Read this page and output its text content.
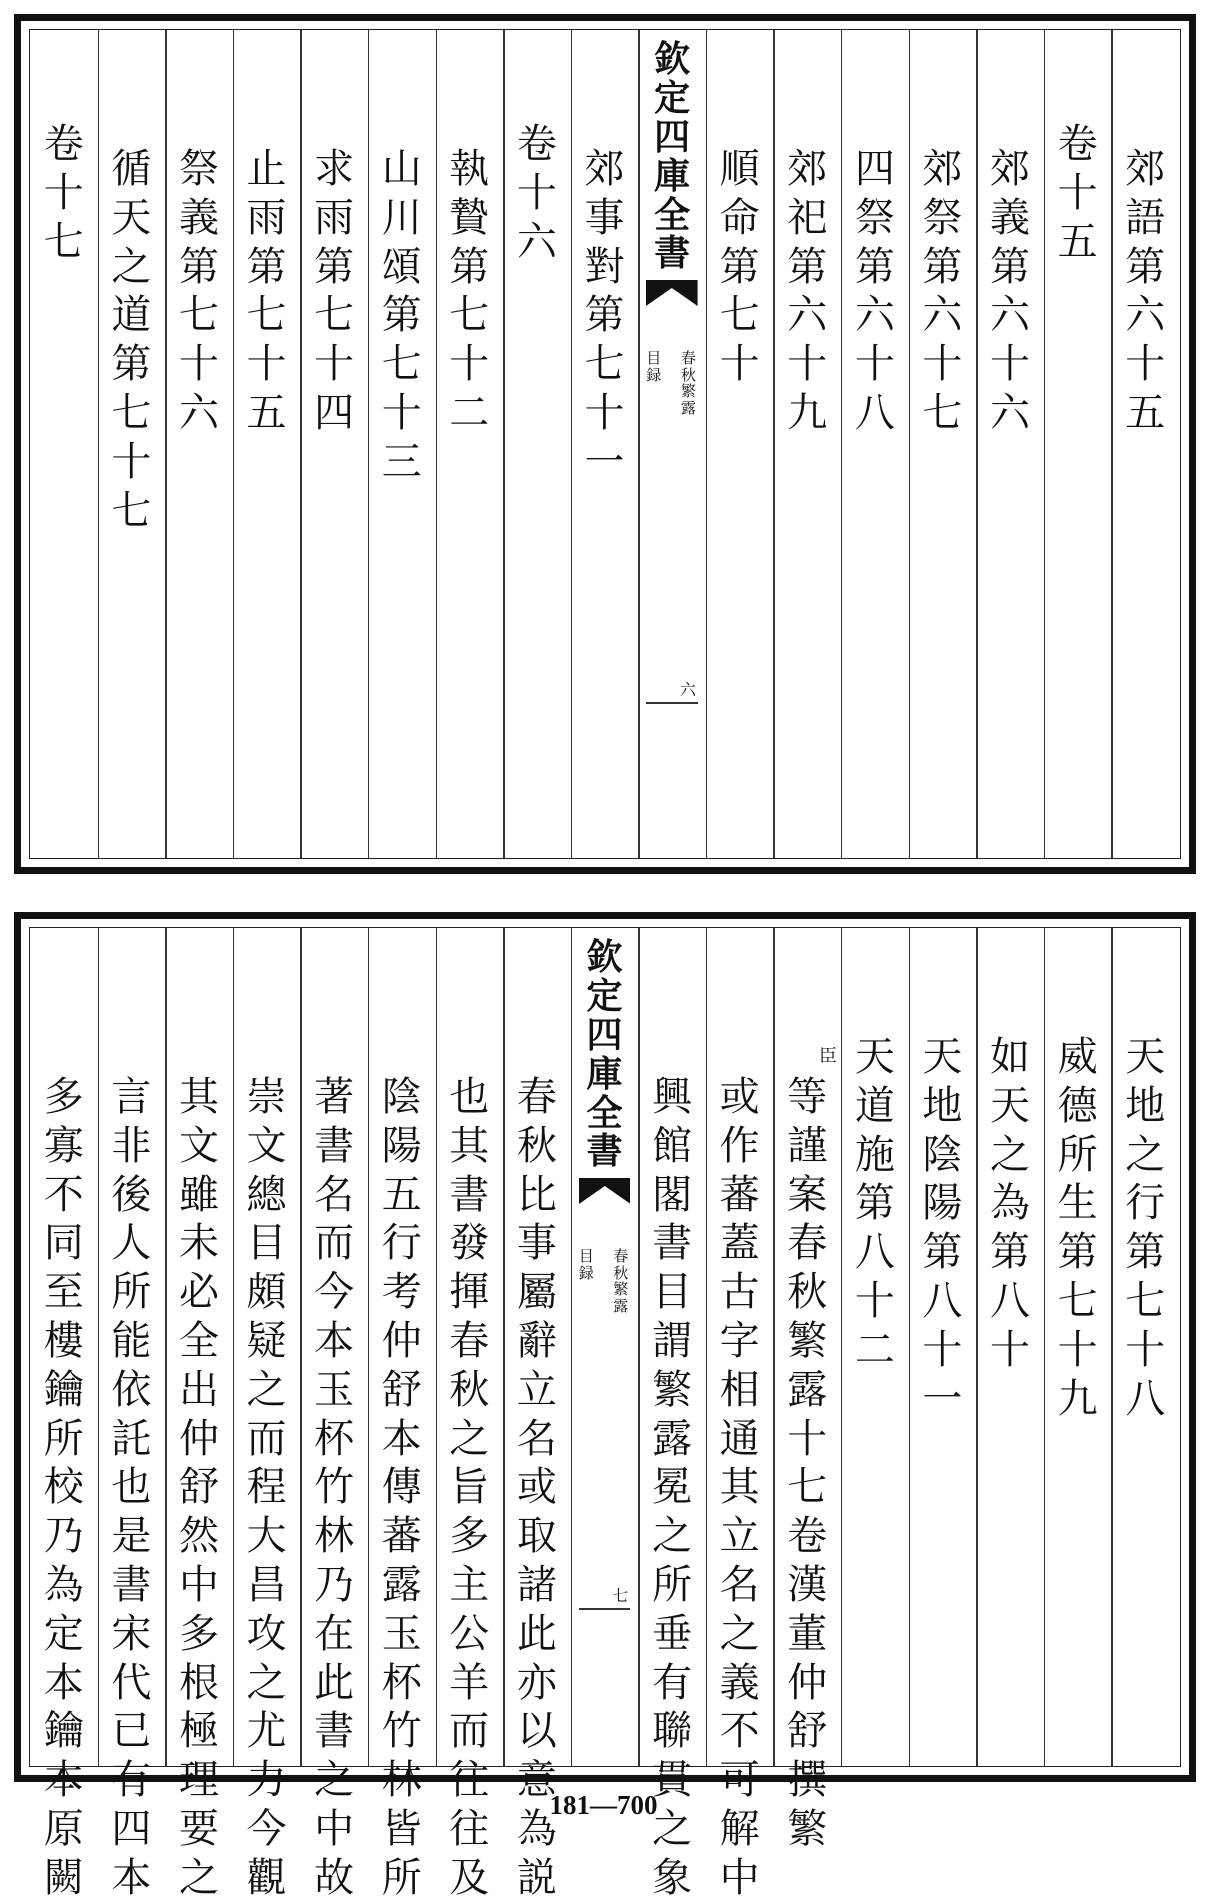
郊
語
第
六
十
五
卷
十
五
郊
義
第
六
十
六
郊
祭
第
六
十
七
四
祭
第
六
十
八
郊
祀
第
六
十
九
順
命
第
七
十
郊
事
對
第
七
十
一
卷
十
六
執
贄
第
七
十
二
山
川
頌
第
七
十
三
求
雨
第
七
十
四
止
雨
第
七
十
五
祭
義
第
七
十
六
循
天
之
道
第
七
十
七
卷
十
七
欽
定
四
庫
全
書
春
秋
繁
露
目
録
六
天
地
之
行
第
七
十
八
威
德
所
生
第
七
十
九
如
天
之
為
第
八
十
天
地
陰
陽
第
八
十
一
天
道
施
第
八
十
二
等
謹
案
春
秋
繁
露
十
七
卷
漢
董
仲
舒
撰
繁
臣
或
作
蕃
蓋
古
字
相
通
其
立
名
之
義
不
可
解
中
興
館
閣
書
目
謂
繁
露
冕
之
所
垂
有
聯
貫
之
象
春
秋
比
事
屬
辭
立
名
或
取
諸
此
亦
以
意
為
説
也
其
書
發
揮
春
秋
之
旨
多
主
公
羊
而
往
往
及
陰
陽
五
行
考
仲
舒
本
傳
蕃
露
玉
杯
竹
林
皆
所
著
書
名
而
今
本
玉
杯
竹
林
乃
在
此
書
之
中
故
崇
文
總
目
頗
疑
之
而
程
大
昌
攻
之
尤
力
今
觀
其
文
雖
未
必
全
出
仲
舒
然
中
多
根
極
理
要
之
言
非
後
人
所
能
依
託
也
是
書
宋
代
已
有
四
本
多
寡
不
同
至
樓
鑰
所
校
乃
為
定
本
鑰
本
原
闕
欽
定
四
庫
全
書
春
秋
繁
露
目
録
七
181—700
